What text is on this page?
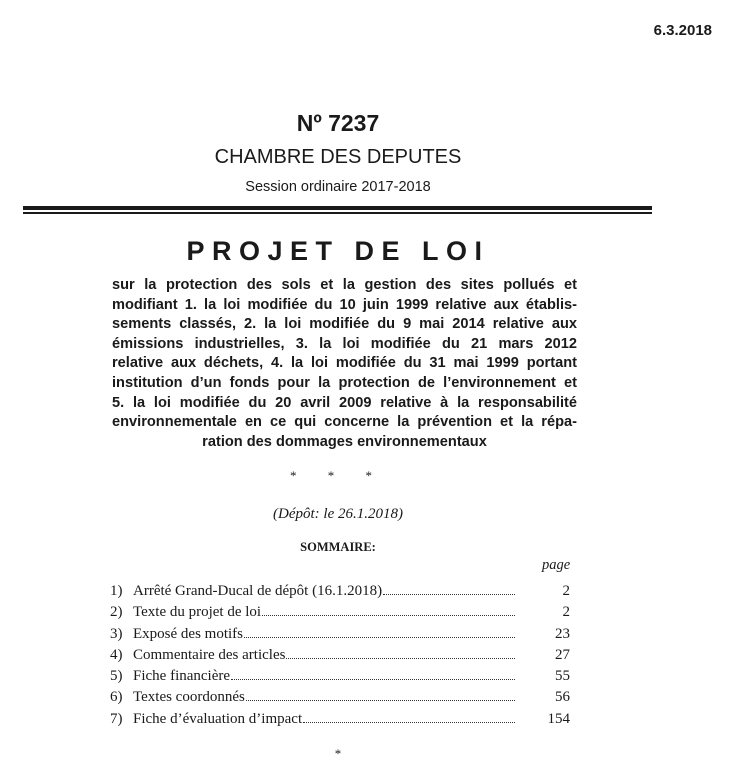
6.3.2018
Nº 7237
CHAMBRE DES DEPUTES
Session ordinaire 2017-2018
PROJET DE LOI
sur la protection des sols et la gestion des sites pollués et
modifiant 1. la loi modifiée du 10 juin 1999 relative aux établis-
sements classés, 2. la loi modifiée du 9 mai 2014 relative aux
émissions industrielles, 3. la loi modifiée du 21 mars 2012
relative aux déchets, 4. la loi modifiée du 31 mai 1999 portant
institution d’un fonds pour la protection de l’environnement et
5. la loi modifiée du 20 avril 2009 relative à la responsabilité
environnementale en ce qui concerne la prévention et la répa-
ration des dommages environnementaux
* * *
(Dépôt: le 26.1.2018)
SOMMAIRE:
page
1) Arrêté Grand-Ducal de dépôt (16.1.2018)	2
2) Texte du projet de loi	2
3) Exposé des motifs	23
4) Commentaire des articles	27
5) Fiche financière	55
6) Textes coordonnés	56
7) Fiche d’évaluation d’impact	154
*
